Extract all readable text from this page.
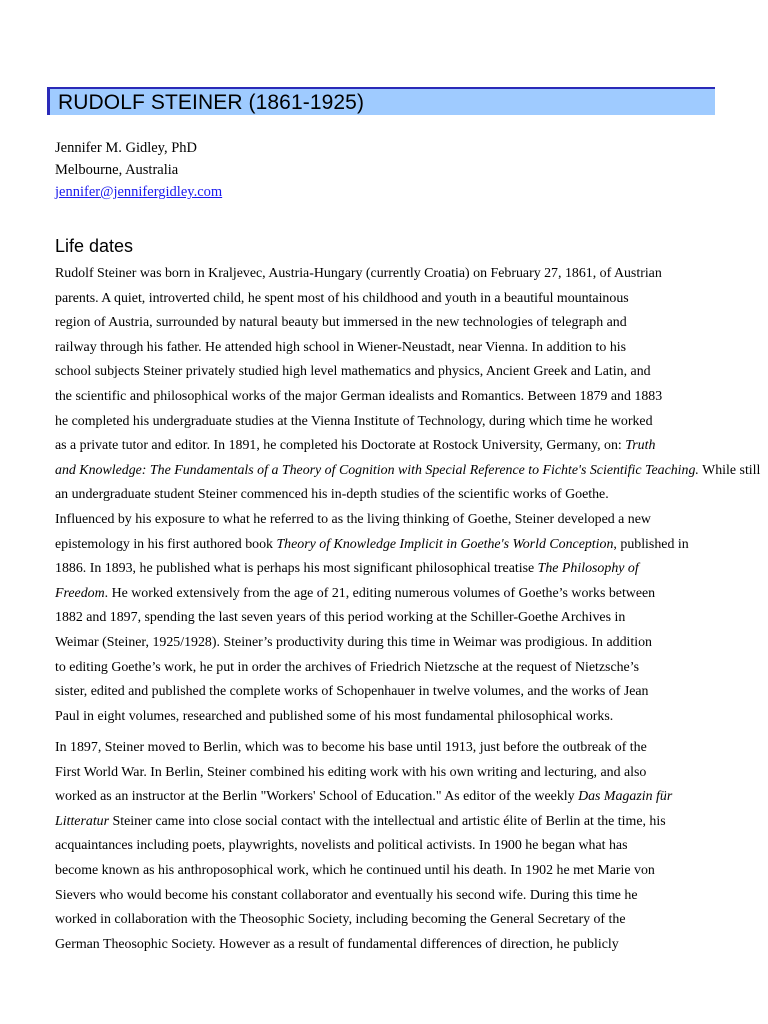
RUDOLF STEINER (1861-1925)
Jennifer M. Gidley, PhD
Melbourne, Australia
jennifer@jennifergidley.com
Life dates
Rudolf Steiner was born in Kraljevec, Austria-Hungary (currently Croatia) on February 27, 1861, of Austrian
parents. A quiet, introverted child, he spent most of his childhood and youth in a beautiful mountainous
region of Austria, surrounded by natural beauty but immersed in the new technologies of telegraph and
railway through his father. He attended high school in Wiener-Neustadt, near Vienna. In addition to his
school subjects Steiner privately studied high level mathematics and physics, Ancient Greek and Latin, and
the scientific and philosophical works of the major German idealists and Romantics. Between 1879 and 1883
he completed his undergraduate studies at the Vienna Institute of Technology, during which time he worked
as a private tutor and editor. In 1891, he completed his Doctorate at Rostock University, Germany, on: Truth
and Knowledge: The Fundamentals of a Theory of Cognition with Special Reference to Fichte's Scientific Teaching. While still
an undergraduate student Steiner commenced his in-depth studies of the scientific works of Goethe.
Influenced by his exposure to what he referred to as the living thinking of Goethe, Steiner developed a new
epistemology in his first authored book Theory of Knowledge Implicit in Goethe's World Conception, published in
1886. In 1893, he published what is perhaps his most significant philosophical treatise The Philosophy of
Freedom. He worked extensively from the age of 21, editing numerous volumes of Goethe’s works between
1882 and 1897, spending the last seven years of this period working at the Schiller-Goethe Archives in
Weimar (Steiner, 1925/1928). Steiner’s productivity during this time in Weimar was prodigious. In addition
to editing Goethe’s work, he put in order the archives of Friedrich Nietzsche at the request of Nietzsche’s
sister, edited and published the complete works of Schopenhauer in twelve volumes, and the works of Jean
Paul in eight volumes, researched and published some of his most fundamental philosophical works.
In 1897, Steiner moved to Berlin, which was to become his base until 1913, just before the outbreak of the
First World War. In Berlin, Steiner combined his editing work with his own writing and lecturing, and also
worked as an instructor at the Berlin "Workers' School of Education." As editor of the weekly Das Magazin für
Litteratur Steiner came into close social contact with the intellectual and artistic élite of Berlin at the time, his
acquaintances including poets, playwrights, novelists and political activists. In 1900 he began what has
become known as his anthroposophical work, which he continued until his death. In 1902 he met Marie von
Sievers who would become his constant collaborator and eventually his second wife. During this time he
worked in collaboration with the Theosophic Society, including becoming the General Secretary of the
German Theosophic Society. However as a result of fundamental differences of direction, he publicly
